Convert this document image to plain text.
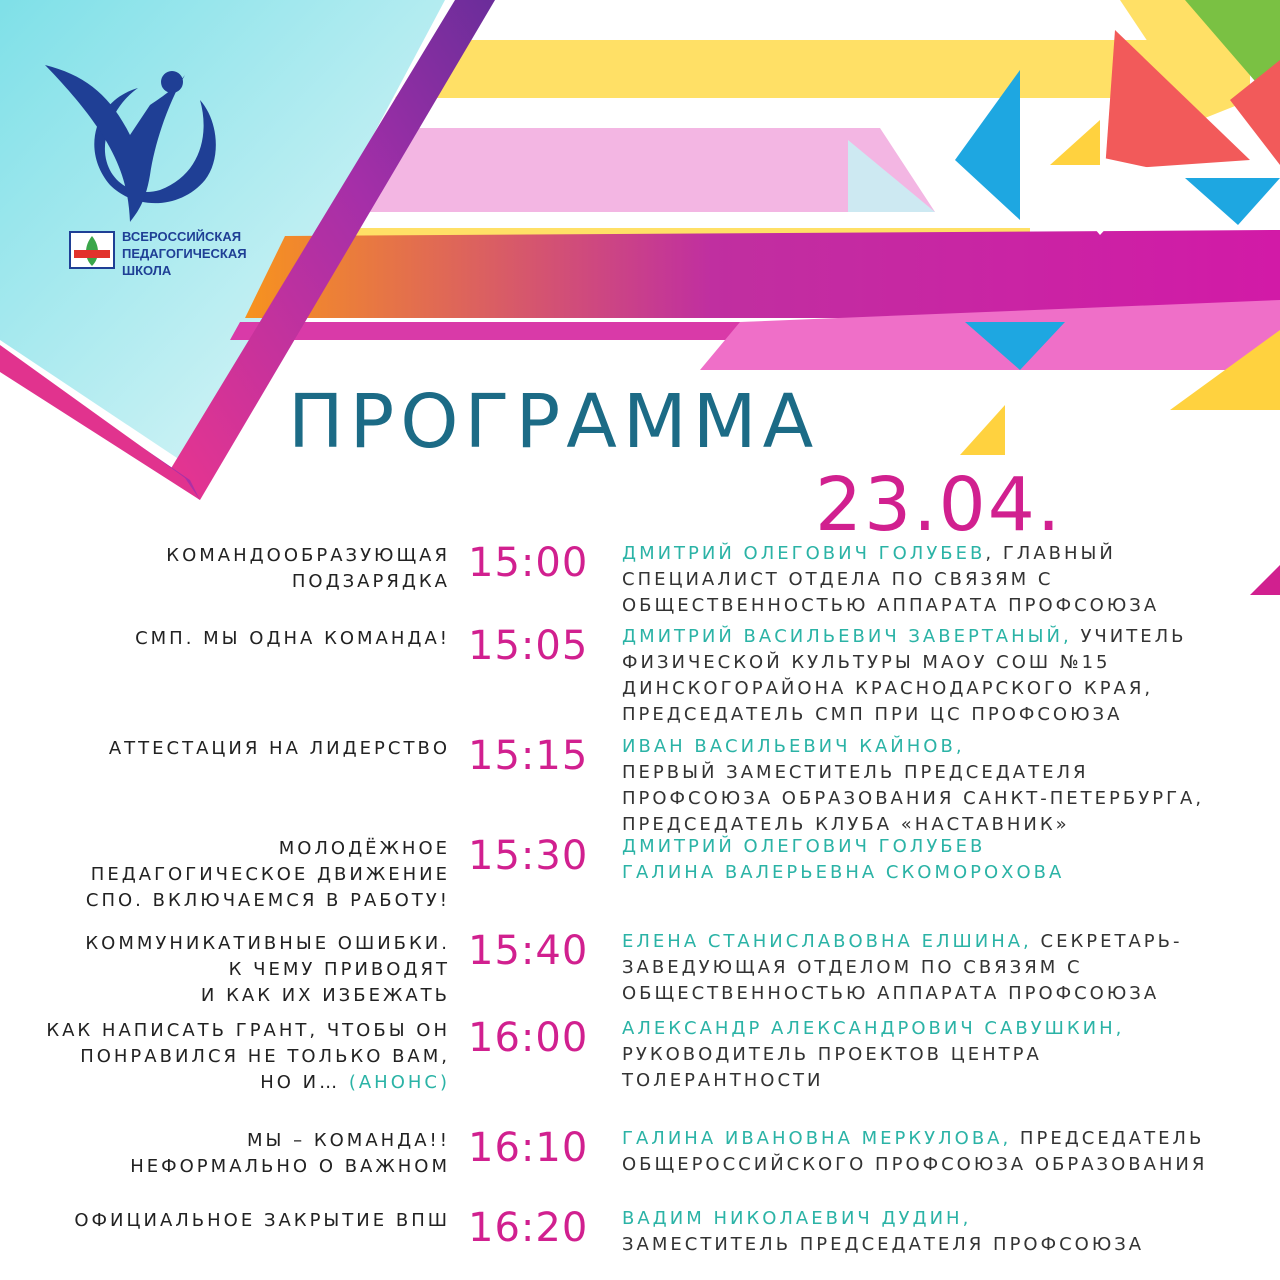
ВСЕРОССИЙСКАЯ
ПЕДАГОГИЧЕСКАЯ
ШКОЛА
ПРОГРАММА
23.04.
КОМАНДООБРАЗУЮЩАЯ
ПОДЗАРЯДКА 15:00 ДМИТРИЙ ОЛЕГОВИЧ ГОЛУБЕВ, ГЛАВНЫЙ
СПЕЦИАЛИСТ ОТДЕЛА ПО СВЯЗЯМ С
ОБЩЕСТВЕННОСТЬЮ АППАРАТА ПРОФСОЮЗА
СМП. МЫ ОДНА КОМАНДА! 15:05 ДМИТРИЙ ВАСИЛЬЕВИЧ ЗАВЕРТАНЫЙ, УЧИТЕЛЬ
ФИЗИЧЕСКОЙ КУЛЬТУРЫ МАОУ СОШ №15
ДИНСКОГОРАЙОНА КРАСНОДАРСКОГО КРАЯ,
ПРЕДСЕДАТЕЛЬ СМП ПРИ ЦС ПРОФСОЮЗА
АТТЕСТАЦИЯ НА ЛИДЕРСТВО 15:15 ИВАН ВАСИЛЬЕВИЧ КАЙНОВ,
ПЕРВЫЙ ЗАМЕСТИТЕЛЬ ПРЕДСЕДАТЕЛЯ
ПРОФСОЮЗА ОБРАЗОВАНИЯ САНКТ-ПЕТЕРБУРГА,
ПРЕДСЕДАТЕЛЬ КЛУБА «НАСТАВНИК»
МОЛОДЁЖНОЕ
ПЕДАГОГИЧЕСКОЕ ДВИЖЕНИЕ
СПО. ВКЛЮЧАЕМСЯ В РАБОТУ!
15:30 ДМИТРИЙ ОЛЕГОВИЧ ГОЛУБЕВ
ГАЛИНА ВАЛЕРЬЕВНА СКОМОРОХОВА
КОММУНИКАТИВНЫЕ ОШИБКИ.
К ЧЕМУ ПРИВОДЯТ
И КАК ИХ ИЗБЕЖАТЬ
15:40 ЕЛЕНА СТАНИСЛАВОВНА ЕЛШИНА, СЕКРЕТАРЬ-
ЗАВЕДУЮЩАЯ ОТДЕЛОМ ПО СВЯЗЯМ С
ОБЩЕСТВЕННОСТЬЮ АППАРАТА ПРОФСОЮЗА
КАК НАПИСАТЬ ГРАНТ, ЧТОБЫ ОН
ПОНРАВИЛСЯ НЕ ТОЛЬКО ВАМ,
НО И… (АНОНС)
16:00 АЛЕКСАНДР АЛЕКСАНДРОВИЧ САВУШКИН,
РУКОВОДИТЕЛЬ ПРОЕКТОВ ЦЕНТРА
ТОЛЕРАНТНОСТИ
МЫ – КОМАНДА!!
НЕФОРМАЛЬНО О ВАЖНОМ 16:10 ГАЛИНА ИВАНОВНА МЕРКУЛОВА, ПРЕДСЕДАТЕЛЬ
ОБЩЕРОССИЙСКОГО ПРОФСОЮЗА ОБРАЗОВАНИЯ
ОФИЦИАЛЬНОЕ ЗАКРЫТИЕ ВПШ 16:20 ВАДИМ НИКОЛАЕВИЧ ДУДИН,
ЗАМЕСТИТЕЛЬ ПРЕДСЕДАТЕЛЯ ПРОФСОЮЗА
